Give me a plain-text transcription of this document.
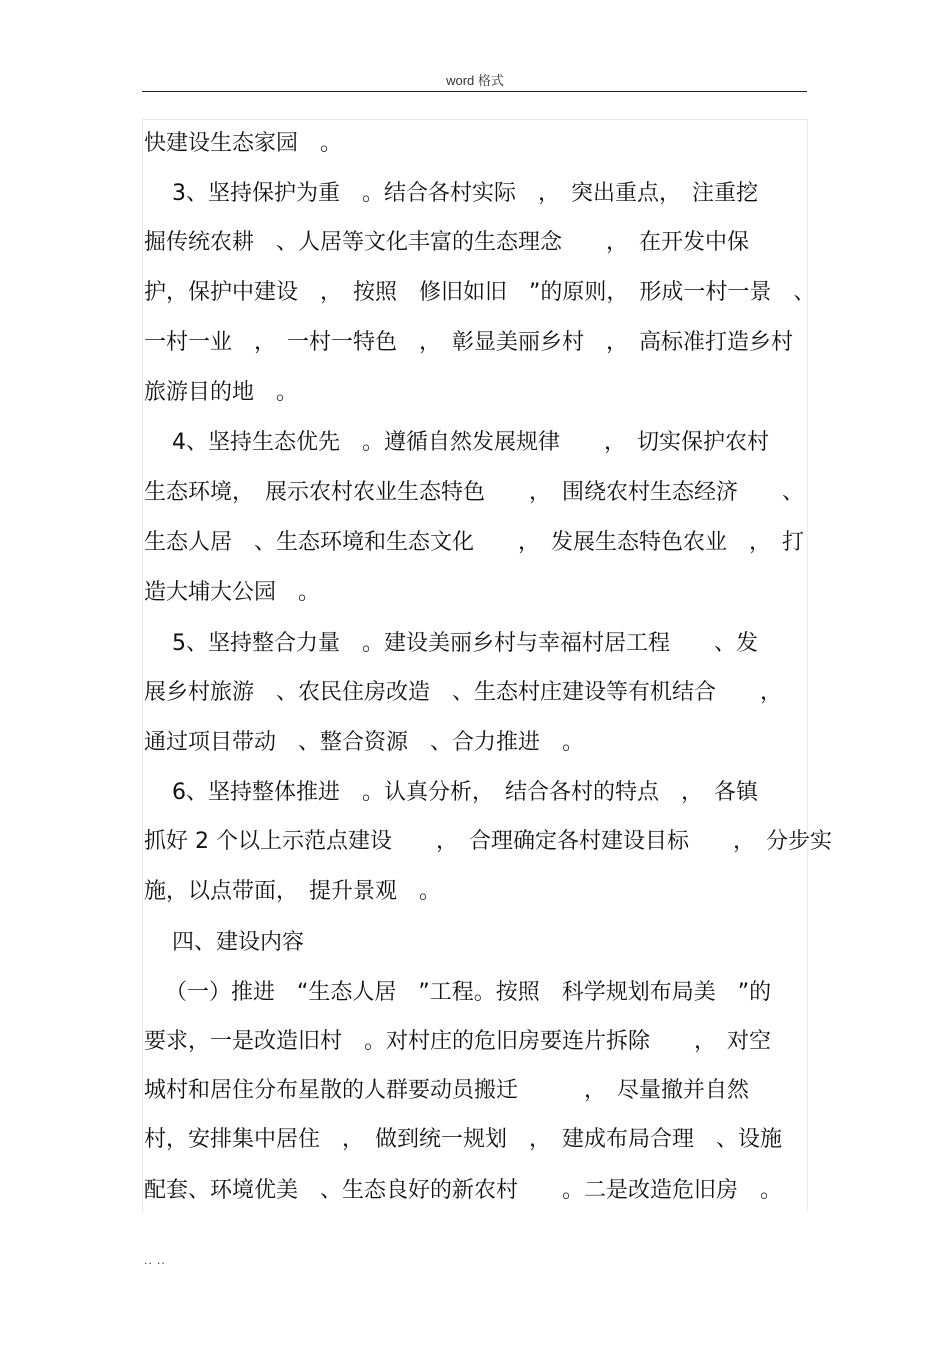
word 格式
快建设生态家园　。
3、坚持保护为重　。结合各村实际　，　突出重点，　注重挖
掘传统农耕　、人居等文化丰富的生态理念　　，　在开发中保
护，保护中建设　，　按照　修旧如旧　”的原则，　形成一村一景　、
一村一业　，　一村一特色　，　彰显美丽乡村　，　高标准打造乡村
旅游目的地　。
4、坚持生态优先　。遵循自然发展规律　　，　切实保护农村
生态环境，　展示农村农业生态特色　　，　围绕农村生态经济　　、
生态人居　、生态环境和生态文化　　，　发展生态特色农业　，　打
造大埔大公园　。
5、坚持整合力量　。建设美丽乡村与幸福村居工程　　、发
展乡村旅游　、农民住房改造　、生态村庄建设等有机结合　　，
通过项目带动　、整合资源　、合力推进　。
6、坚持整体推进　。认真分析，　结合各村的特点　，　各镇
抓好 2 个以上示范点建设　　，　合理确定各村建设目标　　，　分步实
施，以点带面，　提升景观　。
四、建设内容
（一）推进　“生态人居　”工程。按照　科学规划布局美　”的
要求，一是改造旧村　。对村庄的危旧房要连片拆除　　，　对空
城村和居住分布星散的人群要动员搬迁　　　，　尽量撤并自然
村，安排集中居住　，　做到统一规划　，　建成布局合理　、设施
配套、环境优美　、生态良好的新农村　　。二是改造危旧房　。
.. ..
